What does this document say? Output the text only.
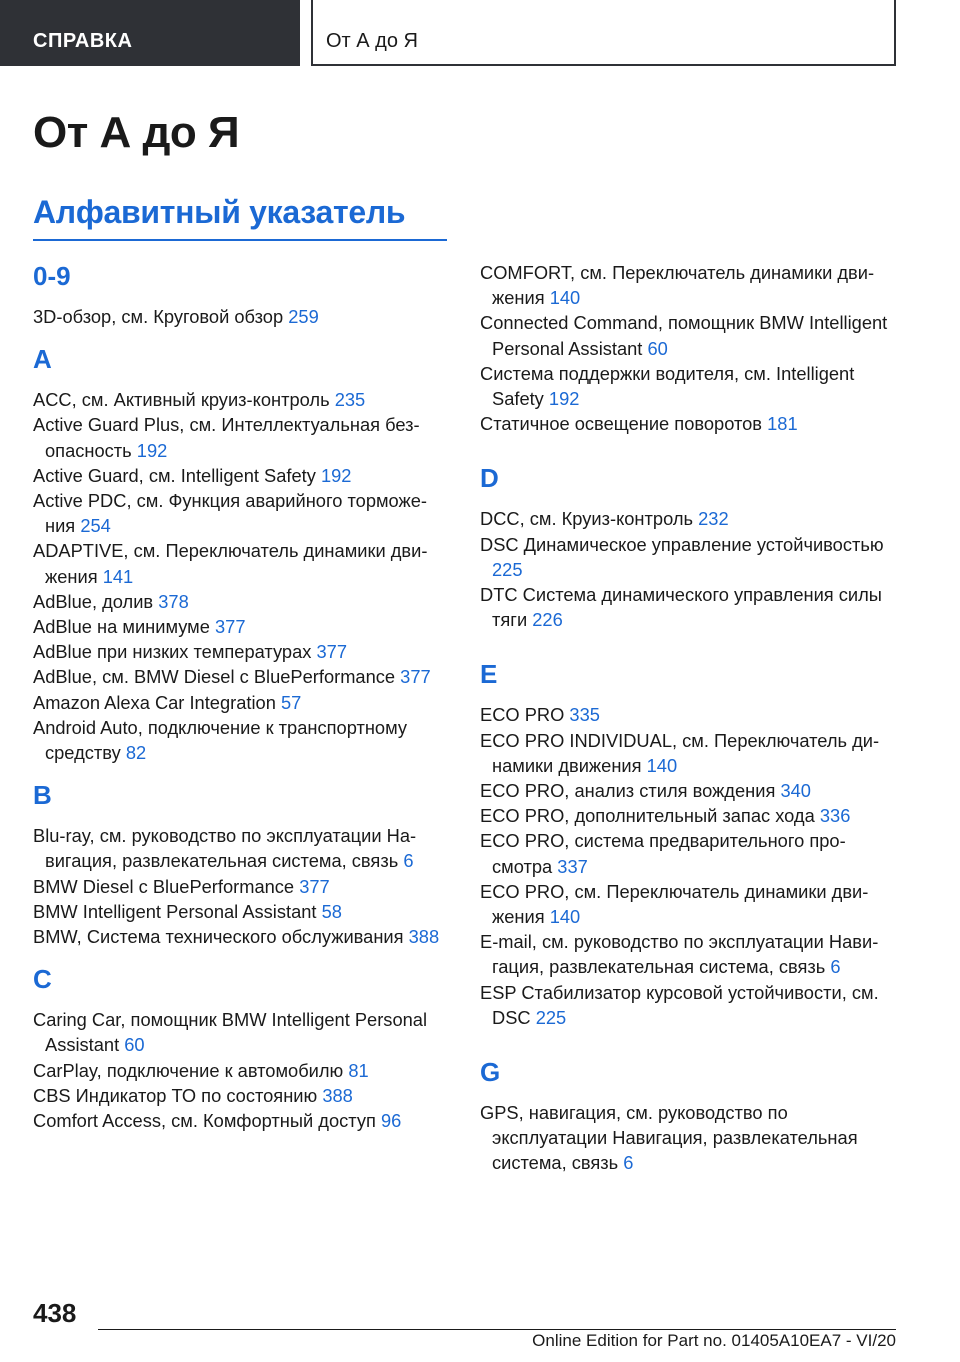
СПРАВКА	От А до Я
От А до Я
Алфавитный указатель
0-9
3D-обзор, см. Круговой обзор 259
A
ACC, см. Активный круиз-контроль 235
Active Guard Plus, см. Интеллектуальная безопасность 192
Active Guard, см. Intelligent Safety 192
Active PDC, см. Функция аварийного торможения 254
ADAPTIVE, см. Переключатель динамики движения 141
AdBlue, долив 378
AdBlue на минимуме 377
AdBlue при низких температурах 377
AdBlue, см. BMW Diesel с BluePerformance 377
Amazon Alexa Car Integration 57
Android Auto, подключение к транспортному средству 82
B
Blu-ray, см. руководство по эксплуатации Навигация, развлекательная система, связь 6
BMW Diesel с BluePerformance 377
BMW Intelligent Personal Assistant 58
BMW, Система технического обслуживания 388
C
Caring Car, помощник BMW Intelligent Personal Assistant 60
CarPlay, подключение к автомобилю 81
CBS Индикатор ТО по состоянию 388
Comfort Access, см. Комфортный доступ 96
COMFORT, см. Переключатель динамики движения 140
Connected Command, помощник BMW Intelligent Personal Assistant 60
Система поддержки водителя, см. Intelligent Safety 192
Статичное освещение поворотов 181
D
DCC, см. Круиз-контроль 232
DSC Динамическое управление устойчивостью 225
DTC Система динамического управления силы тяги 226
E
ECO PRO 335
ECO PRO INDIVIDUAL, см. Переключатель динамики движения 140
ECO PRO, анализ стиля вождения 340
ECO PRO, дополнительный запас хода 336
ECO PRO, система предварительного просмотра 337
ECO PRO, см. Переключатель динамики движения 140
E-mail, см. руководство по эксплуатации Навигация, развлекательная система, связь 6
ESP Стабилизатор курсовой устойчивости, см. DSC 225
G
GPS, навигация, см. руководство по эксплуатации Навигация, развлекательная система, связь 6
438
Online Edition for Part no. 01405A10EA7 - VI/20
